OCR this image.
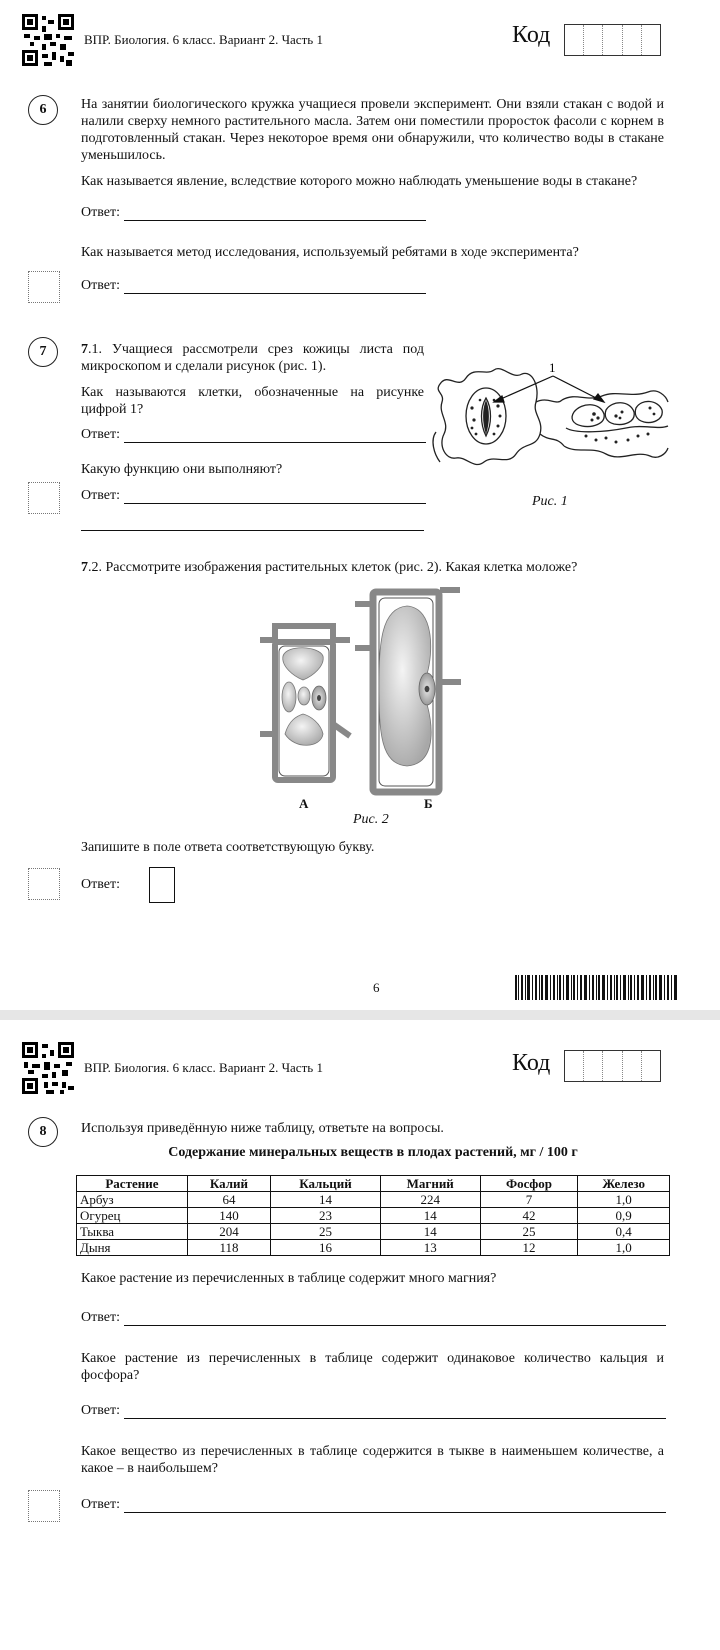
ВПР. Биология. 6 класс. Вариант 2. Часть 1	Код
6	На занятии биологического кружка учащиеся провели эксперимент. Они взяли стакан с водой и налили сверху немного растительного масла. Затем они поместили проросток фасоли с корнем в подготовленный стакан. Через некоторое время они обнаружили, что количество воды в стакане уменьшилось.
Как называется явление, вследствие которого можно наблюдать уменьшение воды в стакане?
Ответ:
Как называется метод исследования, используемый ребятами в ходе эксперимента?
Ответ:
7	7.1. Учащиеся рассмотрели срез кожицы листа под микроскопом и сделали рисунок (рис. 1).
Как называются клетки, обозначенные на рисунке цифрой 1?
Ответ:
Какую функцию они выполняют?
Ответ:
1
Рис. 1
7.2. Рассмотрите изображения растительных клеток (рис. 2). Какая клетка моложе?
А	Б
Рис. 2
Запишите в поле ответа соответствующую букву.
Ответ:
6
ВПР. Биология. 6 класс. Вариант 2. Часть 1	Код
8	Используя приведённую ниже таблицу, ответьте на вопросы.
Содержание минеральных веществ в плодах растений, мг / 100 г
Растение	Калий	Кальций	Магний	Фосфор	Железо
Арбуз	64	14	224	7	1,0
Огурец	140	23	14	42	0,9
Тыква	204	25	14	25	0,4
Дыня	118	16	13	12	1,0
Какое растение из перечисленных в таблице содержит много магния?
Ответ:
Какое растение из перечисленных в таблице содержит одинаковое количество кальция и фосфора?
Ответ:
Какое вещество из перечисленных в таблице содержится в тыкве в наименьшем количестве, а какое – в наибольшем?
Ответ:
